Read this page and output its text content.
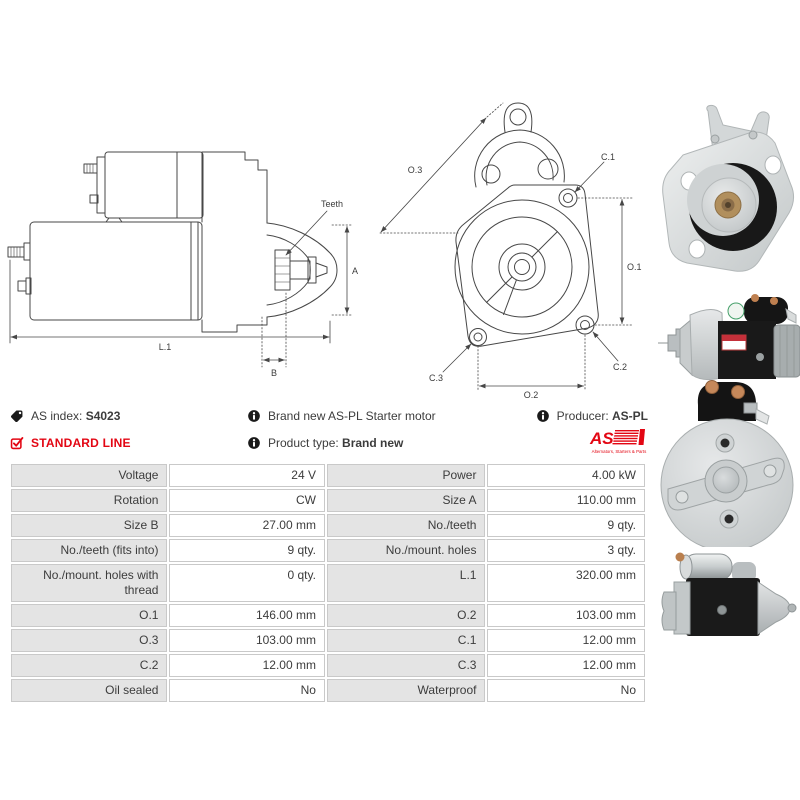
Teeth
L.1
B
A
O.3
C.1
O.1
C.2
C.3
O.2
AS index: S4023
STANDARD LINE
Brand new AS-PL Starter motor
Product type: Brand new
Producer: AS-PL
AS
Alternators, Starters & Parts
Voltage	24 V	Power	4.00 kW
Rotation	CW	Size A	110.00 mm
Size B	27.00 mm	No./teeth	9 qty.
No./teeth (fits into)	9 qty.	No./mount. holes	3 qty.
No./mount. holes with thread	0 qty.	L.1	320.00 mm
O.1	146.00 mm	O.2	103.00 mm
O.3	103.00 mm	C.1	12.00 mm
C.2	12.00 mm	C.3	12.00 mm
Oil sealed	No	Waterproof	No
